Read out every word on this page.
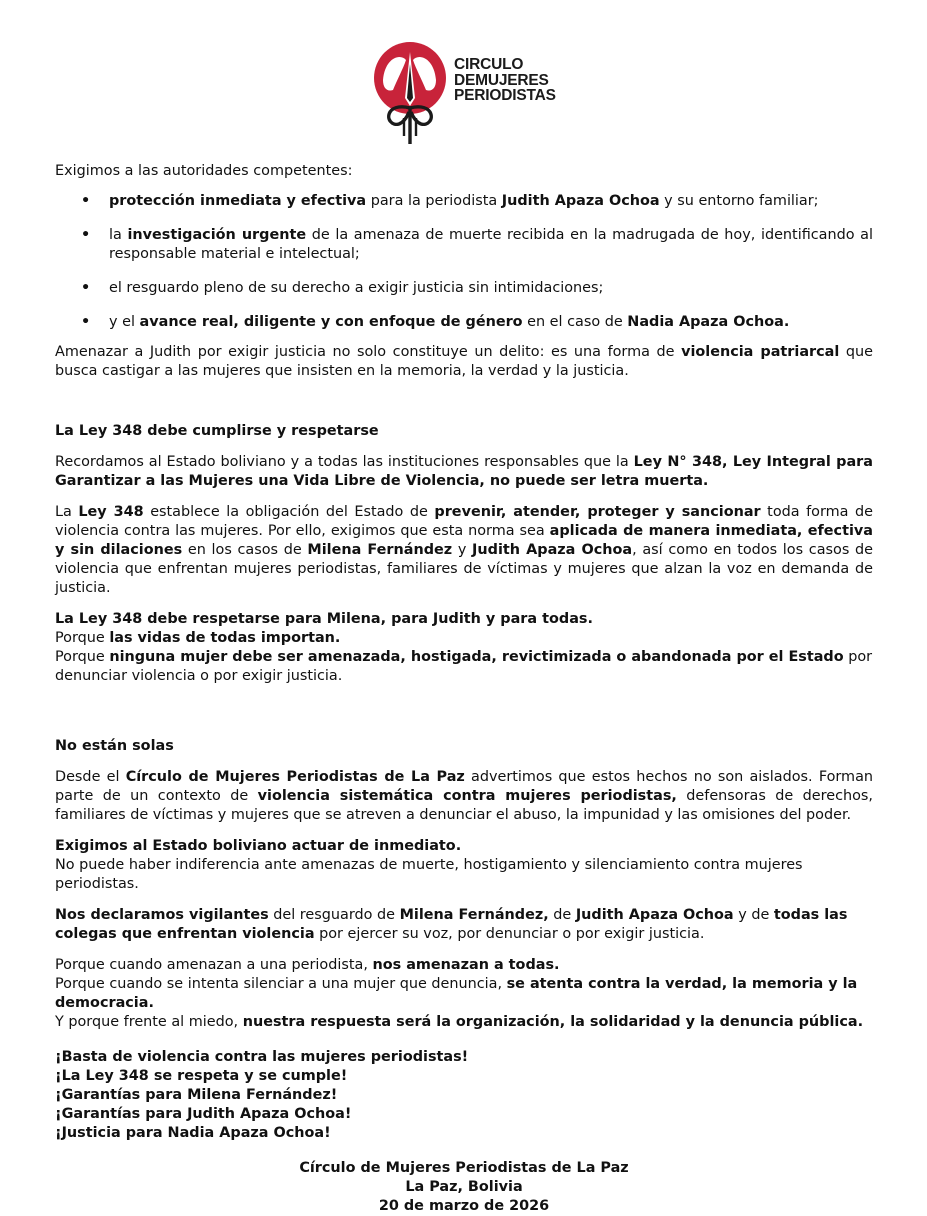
CIRCULO
DEMUJERES
PERIODISTAS

Exigimos a las autoridades competentes:

• protección inmediata y efectiva para la periodista Judith Apaza Ochoa y su entorno familiar;
• la investigación urgente de la amenaza de muerte recibida en la madrugada de hoy, identificando al responsable material e intelectual;
• el resguardo pleno de su derecho a exigir justicia sin intimidaciones;
• y el avance real, diligente y con enfoque de género en el caso de Nadia Apaza Ochoa.

Amenazar a Judith por exigir justicia no solo constituye un delito: es una forma de violencia patriarcal que busca castigar a las mujeres que insisten en la memoria, la verdad y la justicia.

La Ley 348 debe cumplirse y respetarse

Recordamos al Estado boliviano y a todas las instituciones responsables que la Ley N° 348, Ley Integral para Garantizar a las Mujeres una Vida Libre de Violencia, no puede ser letra muerta.

La Ley 348 establece la obligación del Estado de prevenir, atender, proteger y sancionar toda forma de violencia contra las mujeres. Por ello, exigimos que esta norma sea aplicada de manera inmediata, efectiva y sin dilaciones en los casos de Milena Fernández y Judith Apaza Ochoa, así como en todos los casos de violencia que enfrentan mujeres periodistas, familiares de víctimas y mujeres que alzan la voz en demanda de justicia.

La Ley 348 debe respetarse para Milena, para Judith y para todas.
Porque las vidas de todas importan.
Porque ninguna mujer debe ser amenazada, hostigada, revictimizada o abandonada por el Estado por denunciar violencia o por exigir justicia.

No están solas

Desde el Círculo de Mujeres Periodistas de La Paz advertimos que estos hechos no son aislados. Forman parte de un contexto de violencia sistemática contra mujeres periodistas, defensoras de derechos, familiares de víctimas y mujeres que se atreven a denunciar el abuso, la impunidad y las omisiones del poder.

Exigimos al Estado boliviano actuar de inmediato.
No puede haber indiferencia ante amenazas de muerte, hostigamiento y silenciamiento contra mujeres periodistas.

Nos declaramos vigilantes del resguardo de Milena Fernández, de Judith Apaza Ochoa y de todas las colegas que enfrentan violencia por ejercer su voz, por denunciar o por exigir justicia.

Porque cuando amenazan a una periodista, nos amenazan a todas.
Porque cuando se intenta silenciar a una mujer que denuncia, se atenta contra la verdad, la memoria y la democracia.
Y porque frente al miedo, nuestra respuesta será la organización, la solidaridad y la denuncia pública.

¡Basta de violencia contra las mujeres periodistas!

¡La Ley 348 se respeta y se cumple!

¡Garantías para Milena Fernández!

¡Garantías para Judith Apaza Ochoa!

¡Justicia para Nadia Apaza Ochoa!

Círculo de Mujeres Periodistas de La Paz

La Paz, Bolivia

20 de marzo de 2026
